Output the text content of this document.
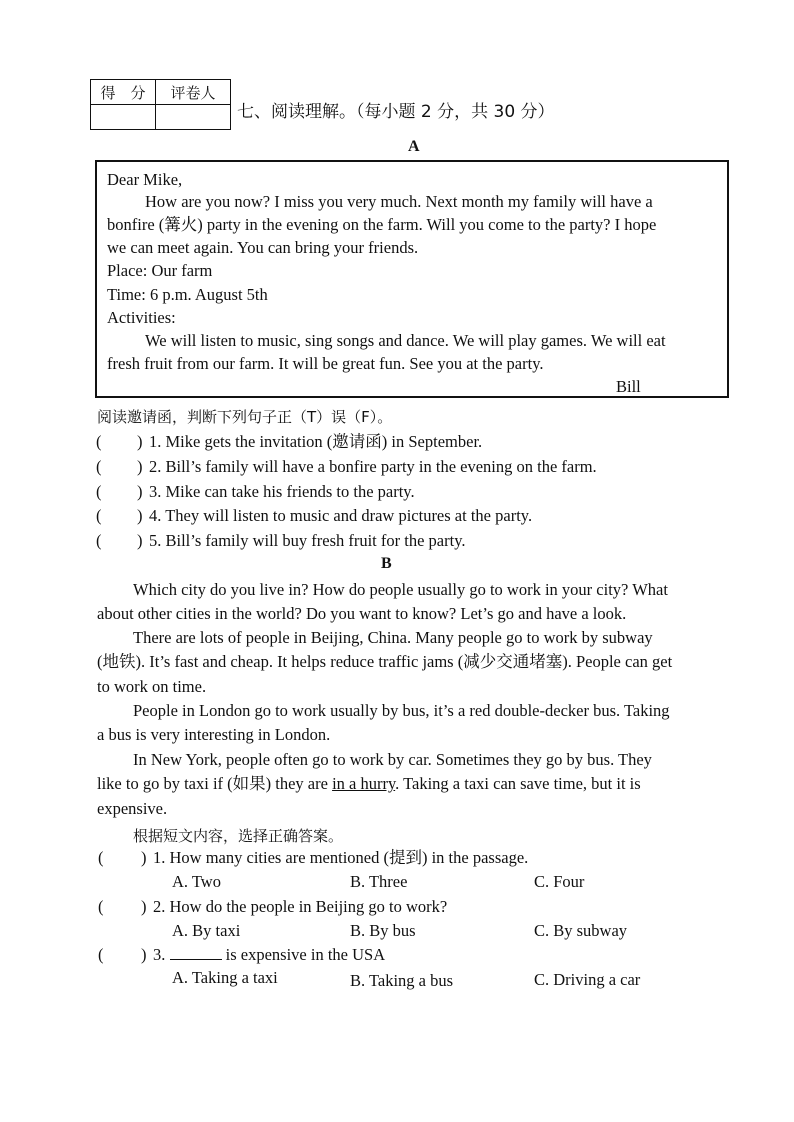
得　分	评卷人

七、阅读理解。（每小题 2 分，共 30 分）
A
Dear Mike,
How are you now? I miss you very much. Next month my family will have a
bonfire (篝火) party in the evening on the farm. Will you come to the party? I hope
we can meet again. You can bring your friends.
Place: Our farm
Time: 6 p.m. August 5th
Activities:
We will listen to music, sing songs and dance. We will play games. We will eat
fresh fruit from our farm. It will be great fun. See you at the party.
Bill
阅读邀请函，判断下列句子正（T）误（F）。
( ) 1. Mike gets the invitation (邀请函) in September.
( ) 2. Bill’s family will have a bonfire party in the evening on the farm.
( ) 3. Mike can take his friends to the party.
( ) 4. They will listen to music and draw pictures at the party.
( ) 5. Bill’s family will buy fresh fruit for the party.
B
Which city do you live in? How do people usually go to work in your city? What
about other cities in the world? Do you want to know? Let’s go and have a look.
There are lots of people in Beijing, China. Many people go to work by subway
(地铁). It’s fast and cheap. It helps reduce traffic jams (减少交通堵塞). People can get
to work on time.
People in London go to work usually by bus, it’s a red double-decker bus. Taking
a bus is very interesting in London.
In New York, people often go to work by car. Sometimes they go by bus. They
like to go by taxi if (如果) they are in a hurry. Taking a taxi can save time, but it is
expensive.
根据短文内容，选择正确答案。
( ) 1. How many cities are mentioned (提到) in the passage.
A. Two	B. Three	C. Four
( ) 2. How do the people in Beijing go to work?
A. By taxi	B. By bus	C. By subway
( ) 3.	is expensive in the USA
A. Taking a taxi	B. Taking a bus	C. Driving a car
